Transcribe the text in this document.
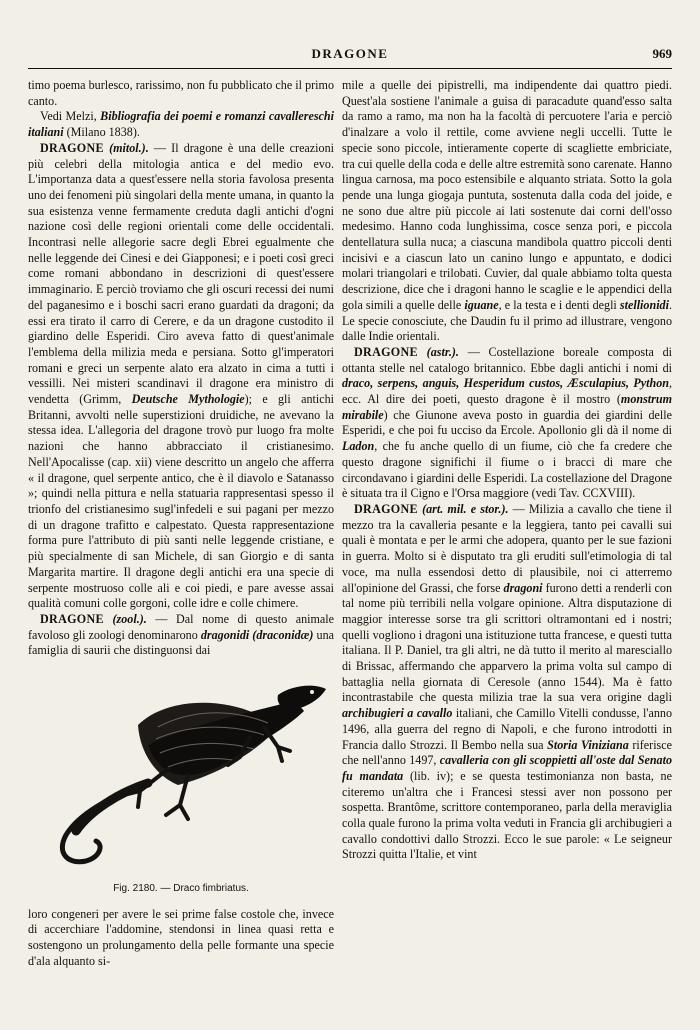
DRAGONE	969

timo poema burlesco, rarissimo, non fu pubblicato che il primo canto.

Vedi Melzi, Bibliografia dei poemi e romanzi cavallereschi italiani (Milano 1838).

DRAGONE (mitol.). — Il dragone è una delle creazioni più celebri della mitologia antica e del medio evo. L'importanza data a quest'essere nella storia favolosa presenta uno dei fenomeni più singolari della mente umana, in quanto la sua esistenza venne fermamente creduta dagli antichi d'ogni nazione così delle regioni orientali come delle occidentali. Incontrasi nelle allegorie sacre degli Ebrei egualmente che nelle leggende dei Cinesi e dei Giapponesi; e i poeti così greci come romani abbondano in descrizioni di quest'essere immaginario. E perciò troviamo che gli oscuri recessi dei numi del paganesimo e i boschi sacri erano guardati da dragoni; da essi era tirato il carro di Cerere, e da un dragone custodito il giardino delle Esperidi. Ciro aveva fatto di quest'animale l'emblema della milizia meda e persiana. Sotto gl'imperatori romani e greci un serpente alato era alzato in cima a tutti i vessilli. Nei misteri scandinavi il dragone era ministro di vendetta (Grimm, Deutsche Mythologie); e gli antichi Britanni, avvolti nelle superstizioni druidiche, ne avevano la stessa idea. L'allegoria del dragone trovò pur luogo fra molte nazioni che hanno abbracciato il cristianesimo. Nell'Apocalisse (cap. xii) viene descritto un angelo che afferra « il dragone, quel serpente antico, che è il diavolo e Satanasso »; quindi nella pittura e nella statuaria rappresentasi spesso il trionfo del cristianesimo sugl'infedeli e sui pagani per mezzo di un dragone trafitto e calpestato. Questa rappresentazione forma pure l'attributo di più santi nelle leggende cristiane, e più specialmente di san Michele, di san Giorgio e di santa Margarita martire. Il dragone degli antichi era una specie di serpente mostruoso colle ali e coi piedi, e pare avesse assai qualità comuni colle gorgoni, colle idre e colle chimere.

DRAGONE (zool.). — Dal nome di questo animale favoloso gli zoologi denominarono dragonidi (draconidæ) una famiglia di saurii che distinguonsi dai

Fig. 2180. — Draco fimbriatus.

loro congeneri per avere le sei prime false costole che, invece di accerchiare l'addomine, stendonsi in linea quasi retta e sostengono un prolungamento della pelle formante una specie d'ala alquanto si-

mile a quelle dei pipistrelli, ma indipendente dai quattro piedi. Quest'ala sostiene l'animale a guisa di paracadute quand'esso salta da ramo a ramo, ma non ha la facoltà di percuotere l'aria e perciò d'inalzare a volo il rettile, come avviene negli uccelli. Tutte le specie sono piccole, intieramente coperte di scagliette embriciate, tra cui quelle della coda e delle altre estremità sono carenate. Hanno lingua carnosa, ma poco estensibile e alquanto striata. Sotto la gola pende una lunga giogaja puntuta, sostenuta dalla coda del joide, e ne sono due altre più piccole ai lati sostenute dai corni dell'osso medesimo. Hanno coda lunghissima, cosce senza pori, e piccola dentellatura sulla nuca; a ciascuna mandibola quattro piccoli denti incisivi e a ciascun lato un canino lungo e appuntato, e dodici molari triangolari e trilobati. Cuvier, dal quale abbiamo tolta questa descrizione, dice che i dragoni hanno le scaglie e le appendici della gola simili a quelle delle iguane, e la testa e i denti degli stellionidi. Le specie conosciute, che Daudin fu il primo ad illustrare, vengono dalle Indie orientali.

DRAGONE (astr.). — Costellazione boreale composta di ottanta stelle nel catalogo britannico. Ebbe dagli antichi i nomi di draco, serpens, anguis, Hesperidum custos, Æsculapius, Python, ecc. Al dire dei poeti, questo dragone è il mostro (monstrum mirabile) che Giunone aveva posto in guardia dei giardini delle Esperidi, e che poi fu ucciso da Ercole. Apollonio gli dà il nome di Ladon, che fu anche quello di un fiume, ciò che fa credere che questo dragone significhi il fiume o i bracci di mare che circondavano i giardini delle Esperidi. La costellazione del Dragone è situata tra il Cigno e l'Orsa maggiore (vedi Tav. CCXVIII).

DRAGONE (art. mil. e stor.). — Milizia a cavallo che tiene il mezzo tra la cavalleria pesante e la leggiera, tanto pei cavalli sui quali è montata e per le armi che adopera, quanto per le sue fazioni in guerra. Molto si è disputato tra gli eruditi sull'etimologia di tal voce, ma nulla essendosi detto di plausibile, noi ci atterremo all'opinione del Grassi, che forse dragoni furono detti a renderli con tal nome più terribili nella volgare opinione. Altra disputazione di maggior interesse sorse tra gli scrittori oltramontani ed i nostri; quelli vogliono i dragoni una istituzione tutta francese, e questi tutta italiana. Il P. Daniel, tra gli altri, ne dà tutto il merito al maresciallo di Brissac, affermando che apparvero la prima volta sul campo di battaglia nella giornata di Ceresole (anno 1544). Ma è fatto incontrastabile che questa milizia trae la sua vera origine dagli archibugieri a cavallo italiani, che Camillo Vitelli condusse, l'anno 1496, alla guerra del regno di Napoli, e che furono introdotti in Francia dallo Strozzi. Il Bembo nella sua Storia Viniziana riferisce che nell'anno 1497, cavalleria con gli scoppietti all'oste dal Senato fu mandata (lib. iv); e se questa testimonianza non basta, ne citeremo un'altra che i Francesi stessi aver non possono per sospetta. Brantôme, scrittore contemporaneo, parla della meraviglia colla quale furono la prima volta veduti in Francia gli archibugieri a cavallo condottivi dallo Strozzi. Ecco le sue parole: « Le seigneur Strozzi quitta l'Italie, et vint
